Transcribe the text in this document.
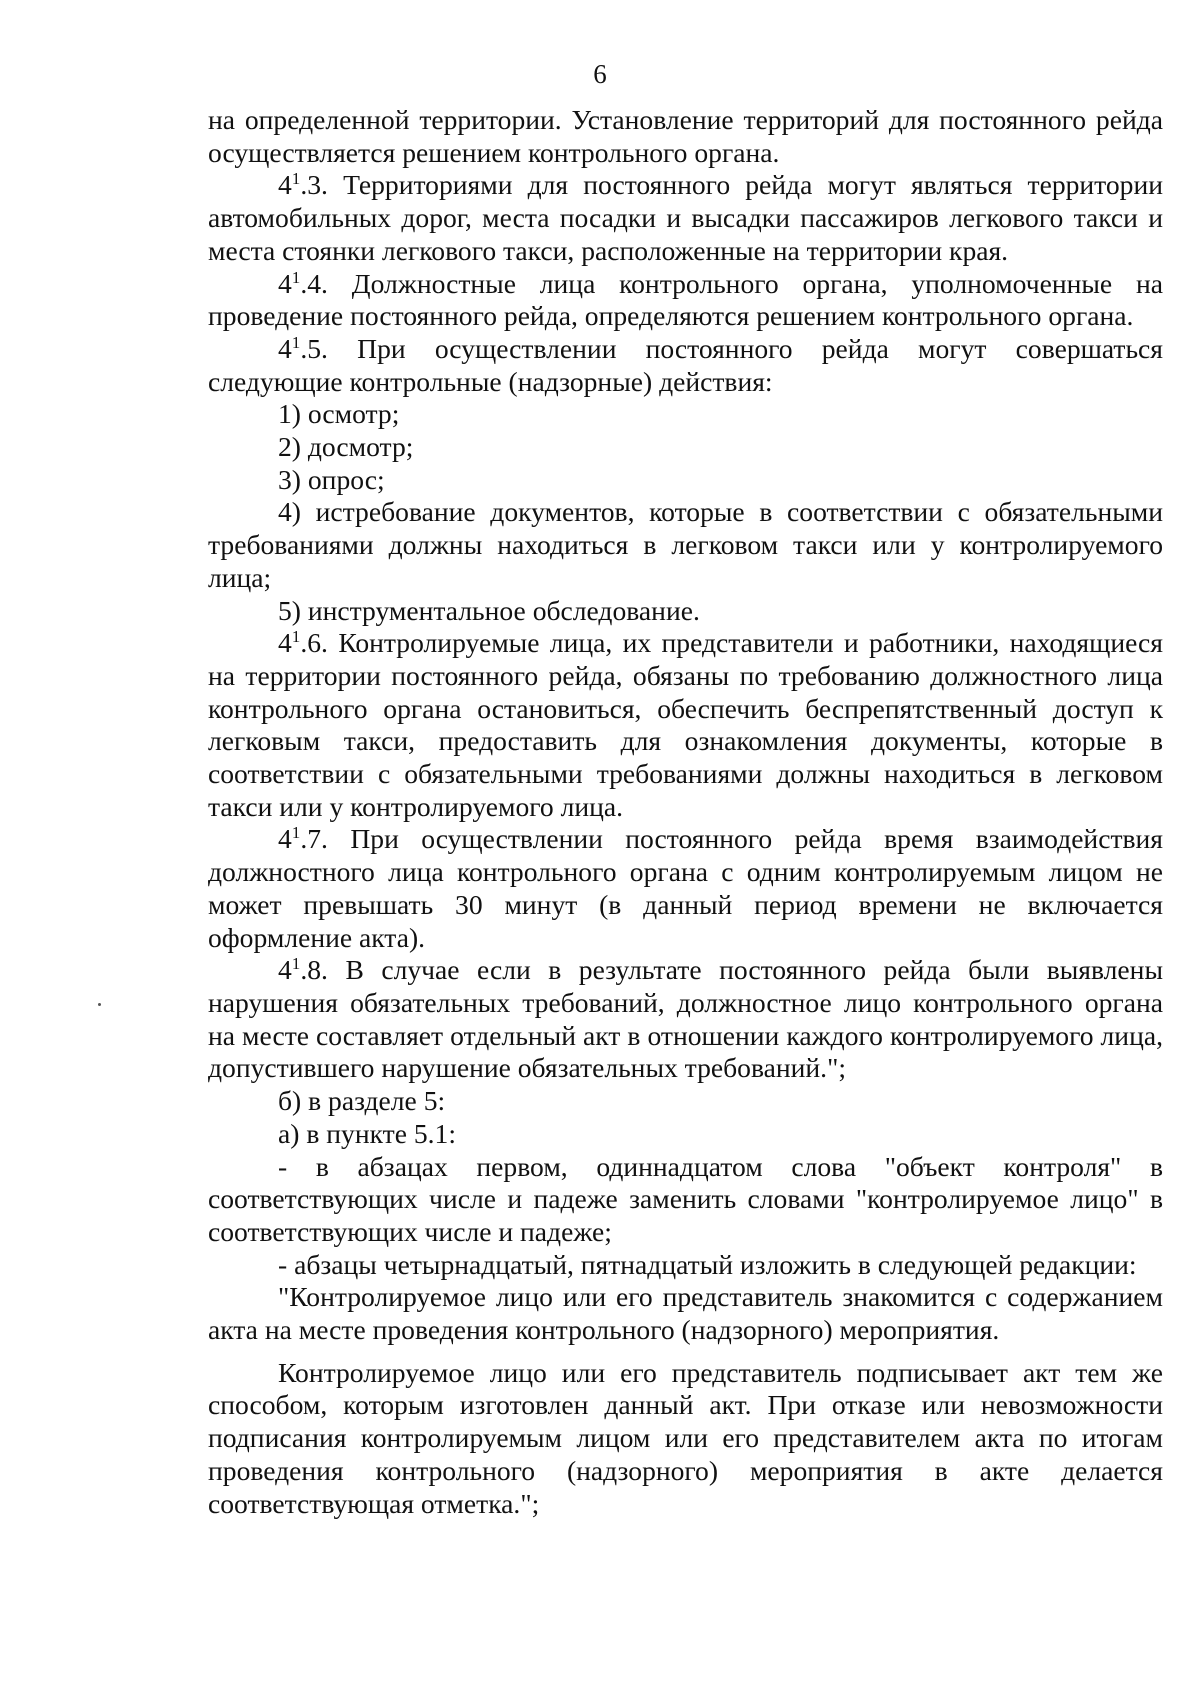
6

на определенной территории. Установление территорий для постоянного рейда осуществляется решением контрольного органа.

$4^1.3$. Территориями для постоянного рейда могут являться территории автомобильных дорог, места посадки и высадки пассажиров легкового такси и места стоянки легкового такси, расположенные на территории края.

$4^1.4$. Должностные лица контрольного органа, уполномоченные на проведение постоянного рейда, определяются решением контрольного органа.

$4^1.5$. При осуществлении постоянного рейда могут совершаться следующие контрольные (надзорные) действия:

1) осмотр;

2) досмотр;

3) опрос;

4) истребование документов, которые в соответствии с обязательными требованиями должны находиться в легковом такси или у контролируемого лица;

5) инструментальное обследование.

$4^1.6$. Контролируемые лица, их представители и работники, находящиеся на территории постоянного рейда, обязаны по требованию должностного лица контрольного органа остановиться, обеспечить беспрепятственный доступ к легковым такси, предоставить для ознакомления документы, которые в соответствии с обязательными требованиями должны находиться в легковом такси или у контролируемого лица.

$4^1.7$. При осуществлении постоянного рейда время взаимодействия должностного лица контрольного органа с одним контролируемым лицом не может превышать 30 минут (в данный период времени не включается оформление акта).

$4^1.8$. В случае если в результате постоянного рейда были выявлены нарушения обязательных требований, должностное лицо контрольного органа на месте составляет отдельный акт в отношении каждого контролируемого лица, допустившего нарушение обязательных требований.";

б) в разделе 5:

а) в пункте 5.1:

- в абзацах первом, одиннадцатом слова "объект контроля" в соответствующих числе и падеже заменить словами "контролируемое лицо" в соответствующих числе и падеже;

- абзацы четырнадцатый, пятнадцатый изложить в следующей редакции:

"Контролируемое лицо или его представитель знакомится с содержанием акта на месте проведения контрольного (надзорного) мероприятия.

Контролируемое лицо или его представитель подписывает акт тем же способом, которым изготовлен данный акт. При отказе или невозможности подписания контролируемым лицом или его представителем акта по итогам проведения контрольного (надзорного) мероприятия в акте делается соответствующая отметка.";
